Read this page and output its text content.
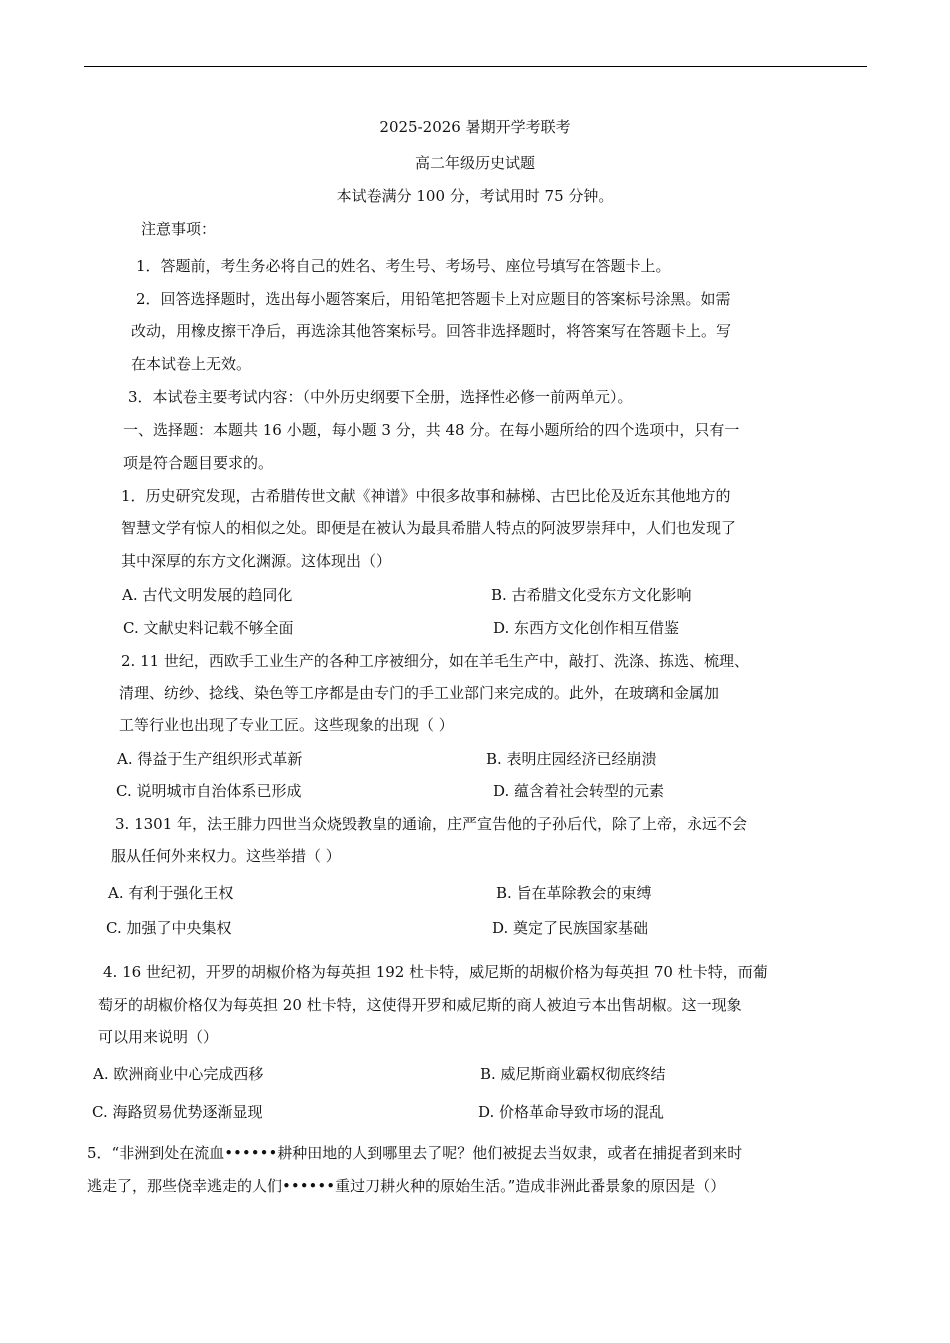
2025-2026 暑期开学考联考
高二年级历史试题
本试卷满分 100 分，考试用时 75 分钟。
注意事项：
1．答题前，考生务必将自己的姓名、考生号、考场号、座位号填写在答题卡上。
2．回答选择题时，选出每小题答案后，用铅笔把答题卡上对应题目的答案标号涂黑。如需
改动，用橡皮擦干净后，再选涂其他答案标号。回答非选择题时，将答案写在答题卡上。写
在本试卷上无效。
3．本试卷主要考试内容：（中外历史纲要下全册，选择性必修一前两单元）。
一、选择题：本题共 16 小题，每小题 3 分，共 48 分。在每小题所给的四个选项中，只有一
项是符合题目要求的。
1．历史研究发现，古希腊传世文献《神谱》中很多故事和赫梯、古巴比伦及近东其他地方的
智慧文学有惊人的相似之处。即便是在被认为最具希腊人特点的阿波罗崇拜中，人们也发现了
其中深厚的东方文化渊源。这体现出（）
A. 古代文明发展的趋同化	B. 古希腊文化受东方文化影响
C. 文献史料记载不够全面	D. 东西方文化创作相互借鉴
2. 11 世纪，西欧手工业生产的各种工序被细分，如在羊毛生产中，敲打、洗涤、拣选、梳理、
清理、纺纱、捻线、染色等工序都是由专门的手工业部门来完成的。此外，在玻璃和金属加
工等行业也出现了专业工匠。这些现象的出现（ ）
A. 得益于生产组织形式革新	B. 表明庄园经济已经崩溃
C. 说明城市自治体系已形成	D. 蕴含着社会转型的元素
3. 1301 年，法王腓力四世当众烧毁教皇的通谕，庄严宣告他的子孙后代，除了上帝，永远不会
服从任何外来权力。这些举措（ ）
A. 有利于强化王权	B. 旨在革除教会的束缚
C. 加强了中央集权	D. 奠定了民族国家基础
4. 16 世纪初，开罗的胡椒价格为每英担 192 杜卡特，威尼斯的胡椒价格为每英担 70 杜卡特，而葡
萄牙的胡椒价格仅为每英担 20 杜卡特，这使得开罗和威尼斯的商人被迫亏本出售胡椒。这一现象
可以用来说明（）
A. 欧洲商业中心完成西移	B. 威尼斯商业霸权彻底终结
C. 海路贸易优势逐渐显现	D. 价格革命导致市场的混乱
5．“非洲到处在流血••••••耕种田地的人到哪里去了呢？他们被捉去当奴隶，或者在捕捉者到来时
逃走了，那些侥幸逃走的人们••••••重过刀耕火种的原始生活。”造成非洲此番景象的原因是（）
